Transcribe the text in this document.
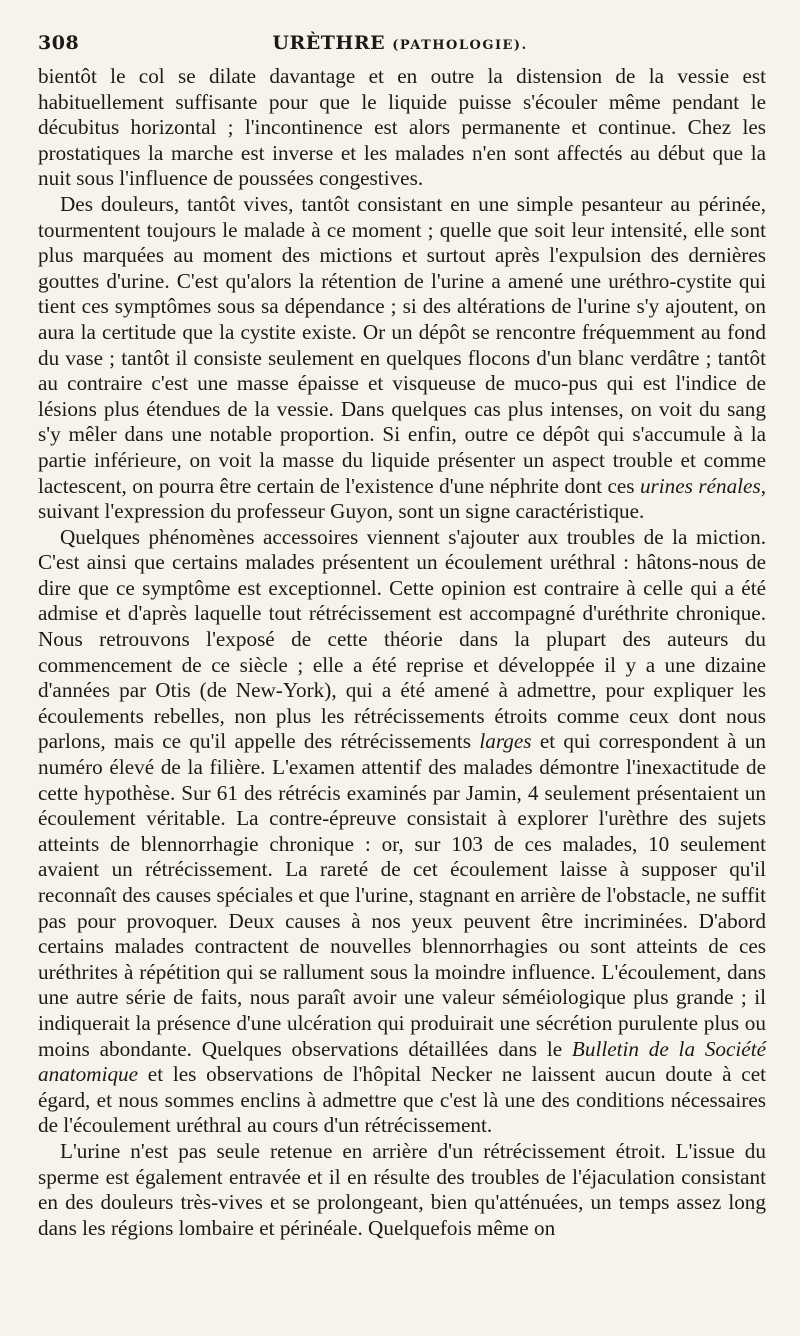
308	URÈTHRE (PATHOLOGIE).

bientôt le col se dilate davantage et en outre la distension de la vessie est habituellement suffisante pour que le liquide puisse s'écouler même pendant le décubitus horizontal ; l'incontinence est alors permanente et continue. Chez les prostatiques la marche est inverse et les malades n'en sont affectés au début que la nuit sous l'influence de poussées congestives.

Des douleurs, tantôt vives, tantôt consistant en une simple pesanteur au périnée, tourmentent toujours le malade à ce moment ; quelle que soit leur intensité, elle sont plus marquées au moment des mictions et surtout après l'expulsion des dernières gouttes d'urine. C'est qu'alors la rétention de l'urine a amené une uréthro-cystite qui tient ces symptômes sous sa dépendance ; si des altérations de l'urine s'y ajoutent, on aura la certitude que la cystite existe. Or un dépôt se rencontre fréquemment au fond du vase ; tantôt il consiste seulement en quelques flocons d'un blanc verdâtre ; tantôt au contraire c'est une masse épaisse et visqueuse de muco-pus qui est l'indice de lésions plus étendues de la vessie. Dans quelques cas plus intenses, on voit du sang s'y mêler dans une notable proportion. Si enfin, outre ce dépôt qui s'accumule à la partie inférieure, on voit la masse du liquide présenter un aspect trouble et comme lactescent, on pourra être certain de l'existence d'une néphrite dont ces urines rénales, suivant l'expression du professeur Guyon, sont un signe caractéristique.

Quelques phénomènes accessoires viennent s'ajouter aux troubles de la miction. C'est ainsi que certains malades présentent un écoulement uréthral : hâtons-nous de dire que ce symptôme est exceptionnel. Cette opinion est contraire à celle qui a été admise et d'après laquelle tout rétrécissement est accompagné d'uréthrite chronique. Nous retrouvons l'exposé de cette théorie dans la plupart des auteurs du commencement de ce siècle ; elle a été reprise et développée il y a une dizaine d'années par Otis (de New-York), qui a été amené à admettre, pour expliquer les écoulements rebelles, non plus les rétrécissements étroits comme ceux dont nous parlons, mais ce qu'il appelle des rétrécissements larges et qui correspondent à un numéro élevé de la filière. L'examen attentif des malades démontre l'inexactitude de cette hypothèse. Sur 61 des rétrécis examinés par Jamin, 4 seulement présentaient un écoulement véritable. La contre-épreuve consistait à explorer l'urèthre des sujets atteints de blennorrhagie chronique : or, sur 103 de ces malades, 10 seulement avaient un rétrécissement. La rareté de cet écoulement laisse à supposer qu'il reconnaît des causes spéciales et que l'urine, stagnant en arrière de l'obstacle, ne suffit pas pour provoquer. Deux causes à nos yeux peuvent être incriminées. D'abord certains malades contractent de nouvelles blennorrhagies ou sont atteints de ces uréthrites à répétition qui se rallument sous la moindre influence. L'écoulement, dans une autre série de faits, nous paraît avoir une valeur séméiologique plus grande ; il indiquerait la présence d'une ulcération qui produirait une sécrétion purulente plus ou moins abondante. Quelques observations détaillées dans le Bulletin de la Société anatomique et les observations de l'hôpital Necker ne laissent aucun doute à cet égard, et nous sommes enclins à admettre que c'est là une des conditions nécessaires de l'écoulement uréthral au cours d'un rétrécissement.

L'urine n'est pas seule retenue en arrière d'un rétrécissement étroit. L'issue du sperme est également entravée et il en résulte des troubles de l'éjaculation consistant en des douleurs très-vives et se prolongeant, bien qu'atténuées, un temps assez long dans les régions lombaire et périnéale. Quelquefois même on
